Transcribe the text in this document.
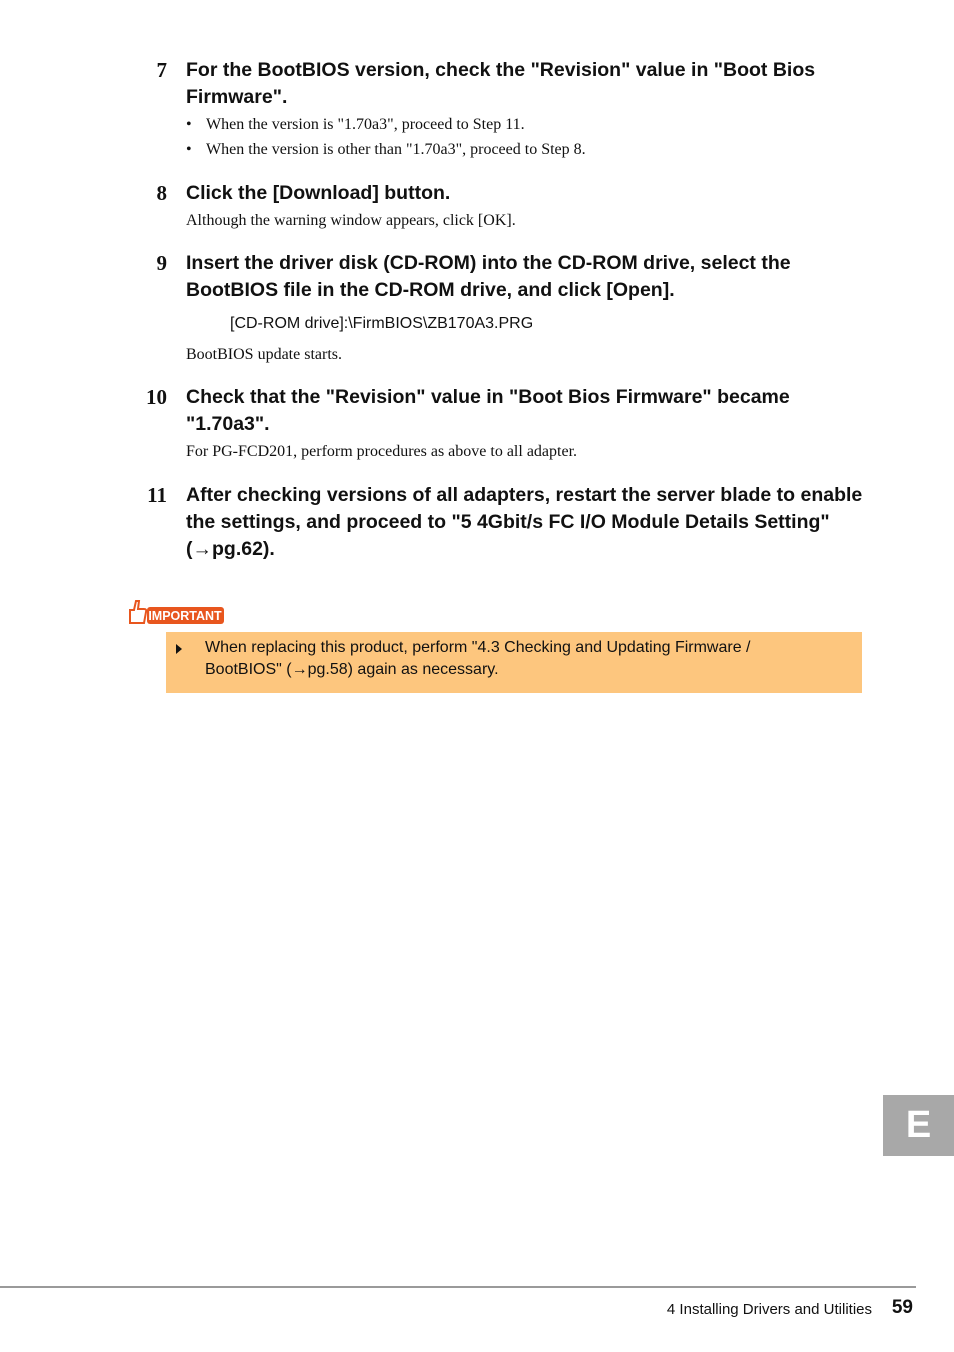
7 For the BootBIOS version, check the "Revision" value in "Boot Bios Firmware".
• When the version is "1.70a3", proceed to Step 11.
• When the version is other than "1.70a3", proceed to Step 8.
8 Click the [Download] button.
Although the warning window appears, click [OK].
9 Insert the driver disk (CD-ROM) into the CD-ROM drive, select the BootBIOS file in the CD-ROM drive, and click [Open].
[CD-ROM drive]:\FirmBIOS\ZB170A3.PRG
BootBIOS update starts.
10 Check that the "Revision" value in "Boot Bios Firmware" became "1.70a3".
For PG-FCD201, perform procedures as above to all adapter.
11 After checking versions of all adapters, restart the server blade to enable the settings, and proceed to "5 4Gbit/s FC I/O Module Details Setting" (→pg.62).
IMPORTANT
When replacing this product, perform "4.3 Checking and Updating Firmware / BootBIOS" (→pg.58) again as necessary.
E
4 Installing Drivers and Utilities 59
